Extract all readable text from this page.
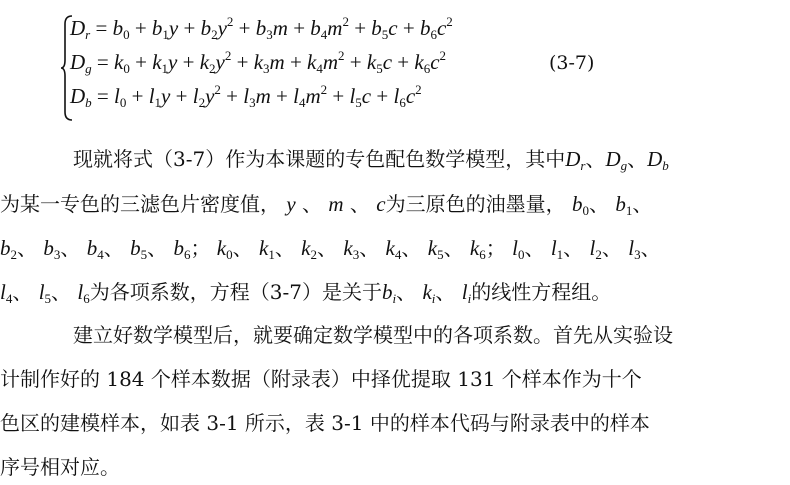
$D_r = b_0 + b_1y + b_2y^2 + b_3m + b_4m^2 + b_5c + b_6c^2$
$D_g = k_0 + k_1y + k_2y^2 + k_3m + k_4m^2 + k_5c + k_6c^2$
$D_b = l_0 + l_1y + l_2y^2 + l_3m + l_4m^2 + l_5c + l_6c^2$
(3-7)
现就将式（3-7）作为本课题的专色配色数学模型，其中$D_r$、$D_g$、$D_b$
为某一专色的三滤色片密度值， y 、 m 、 c为三原色的油墨量， $b_0$、 $b_1$、
$b_2$、 $b_3$、 $b_4$、 $b_5$、 $b_6$； $k_0$、 $k_1$、 $k_2$、 $k_3$、 $k_4$、 $k_5$、 $k_6$； $l_0$、 $l_1$、 $l_2$、 $l_3$、
$l_4$、 $l_5$、 $l_6$为各项系数，方程（3-7）是关于$b_i$、 $k_i$、 $l_i$的线性方程组。
建立好数学模型后，就要确定数学模型中的各项系数。首先从实验设
计制作好的 184 个样本数据（附录表）中择优提取 131 个样本作为十个
色区的建模样本，如表 3-1 所示，表 3-1 中的样本代码与附录表中的样本
序号相对应。
